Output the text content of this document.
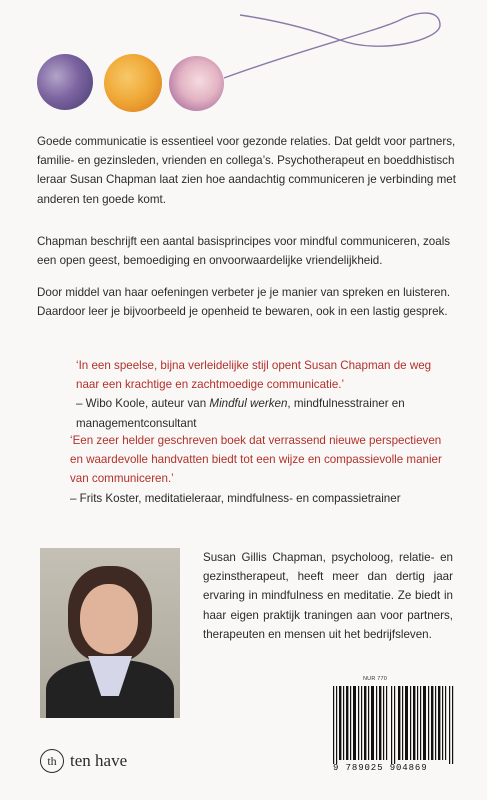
Goede communicatie is essentieel voor gezonde relaties. Dat geldt voor partners, familie- en gezinsleden, vrienden en collega’s. Psychotherapeut en boeddhistisch leraar Susan Chapman laat zien hoe aandachtig communiceren je verbinding met anderen ten goede komt.

Chapman beschrijft een aantal basisprincipes voor mindful communiceren, zoals een open geest, bemoediging en onvoorwaardelijke vriendelijkheid.

Door middel van haar oefeningen verbeter je je manier van spreken en luisteren. Daardoor leer je bijvoorbeeld je openheid te bewaren, ook in een lastig gesprek.

‘In een speelse, bijna verleidelijke stijl opent Susan Chapman de weg naar een krachtige en zachtmoedige communicatie.’
– Wibo Koole, auteur van Mindful werken, mindfulnesstrainer en managementconsultant
‘Een zeer helder geschreven boek dat verrassend nieuwe perspectieven en waardevolle handvatten biedt tot een wijze en compassievolle manier van communiceren.’
– Frits Koster, meditatieleraar, mindfulness- en compassietrainer

Susan Gillis Chapman, psycholoog, relatie- en gezinstherapeut, heeft meer dan dertig jaar ervaring in mindfulness en meditatie. Ze biedt in haar eigen praktijk traningen aan voor partners, therapeuten en mensen uit het bedrijfsleven.

NUR 770
9 789025 904869
th ten have
